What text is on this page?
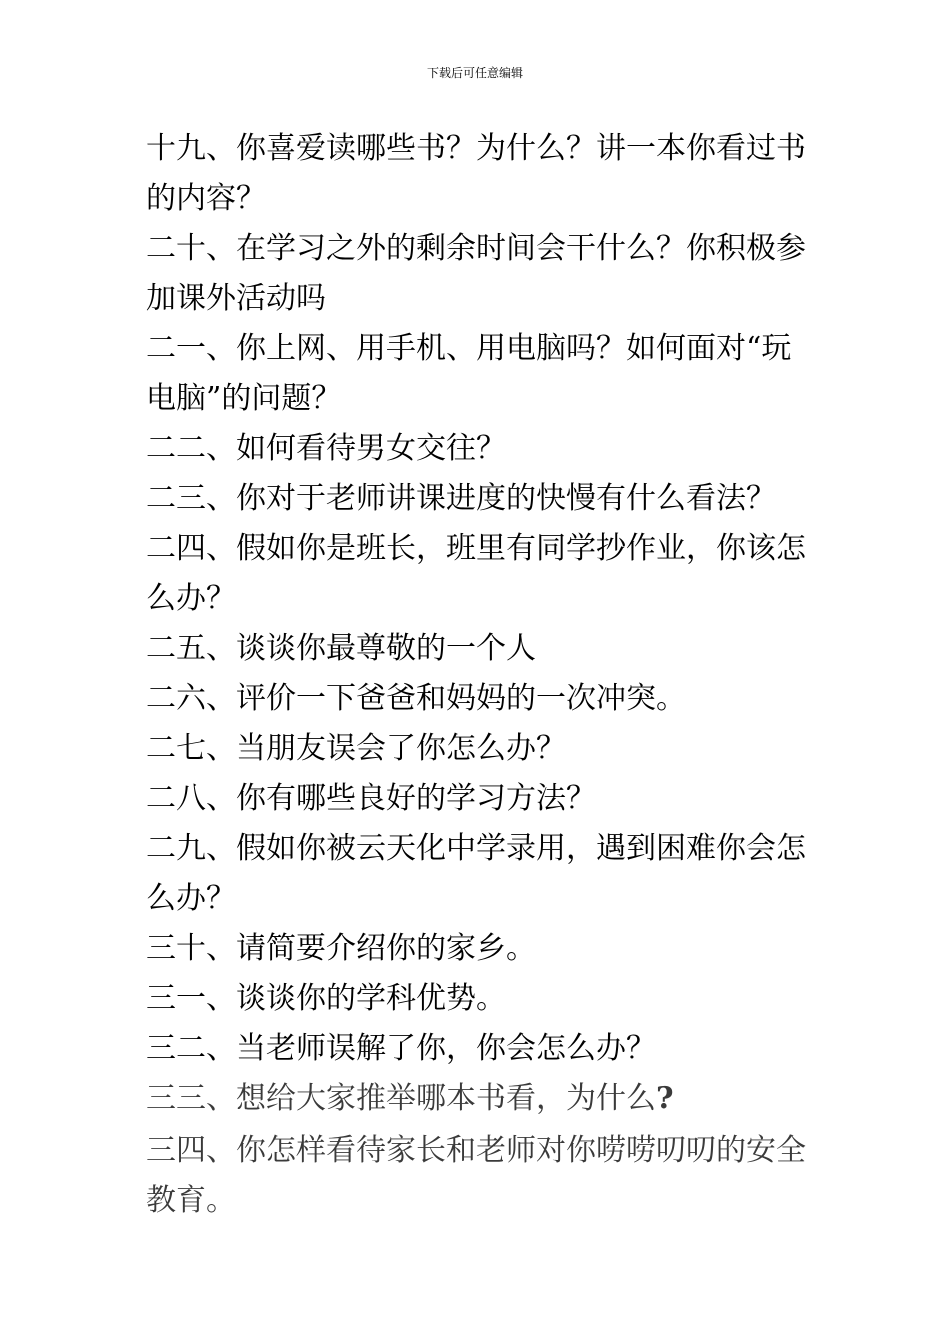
下载后可任意编辑

十九、你喜爱读哪些书？为什么？讲一本你看过书的内容？

二十、在学习之外的剩余时间会干什么？你积极参加课外活动吗

二一、你上网、用手机、用电脑吗？如何面对“玩电脑”的问题？

二二、如何看待男女交往？

二三、你对于老师讲课进度的快慢有什么看法？

二四、假如你是班长，班里有同学抄作业，你该怎么办？

二五、谈谈你最尊敬的一个人

二六、评价一下爸爸和妈妈的一次冲突。

二七、当朋友误会了你怎么办？

二八、你有哪些良好的学习方法？

二九、假如你被云天化中学录用，遇到困难你会怎么办？

三十、请简要介绍你的家乡。

三一、谈谈你的学科优势。

三二、当老师误解了你，你会怎么办？

三三、想给大家推举哪本书看，为什么?

三四、你怎样看待家长和老师对你唠唠叨叨的安全教育。
